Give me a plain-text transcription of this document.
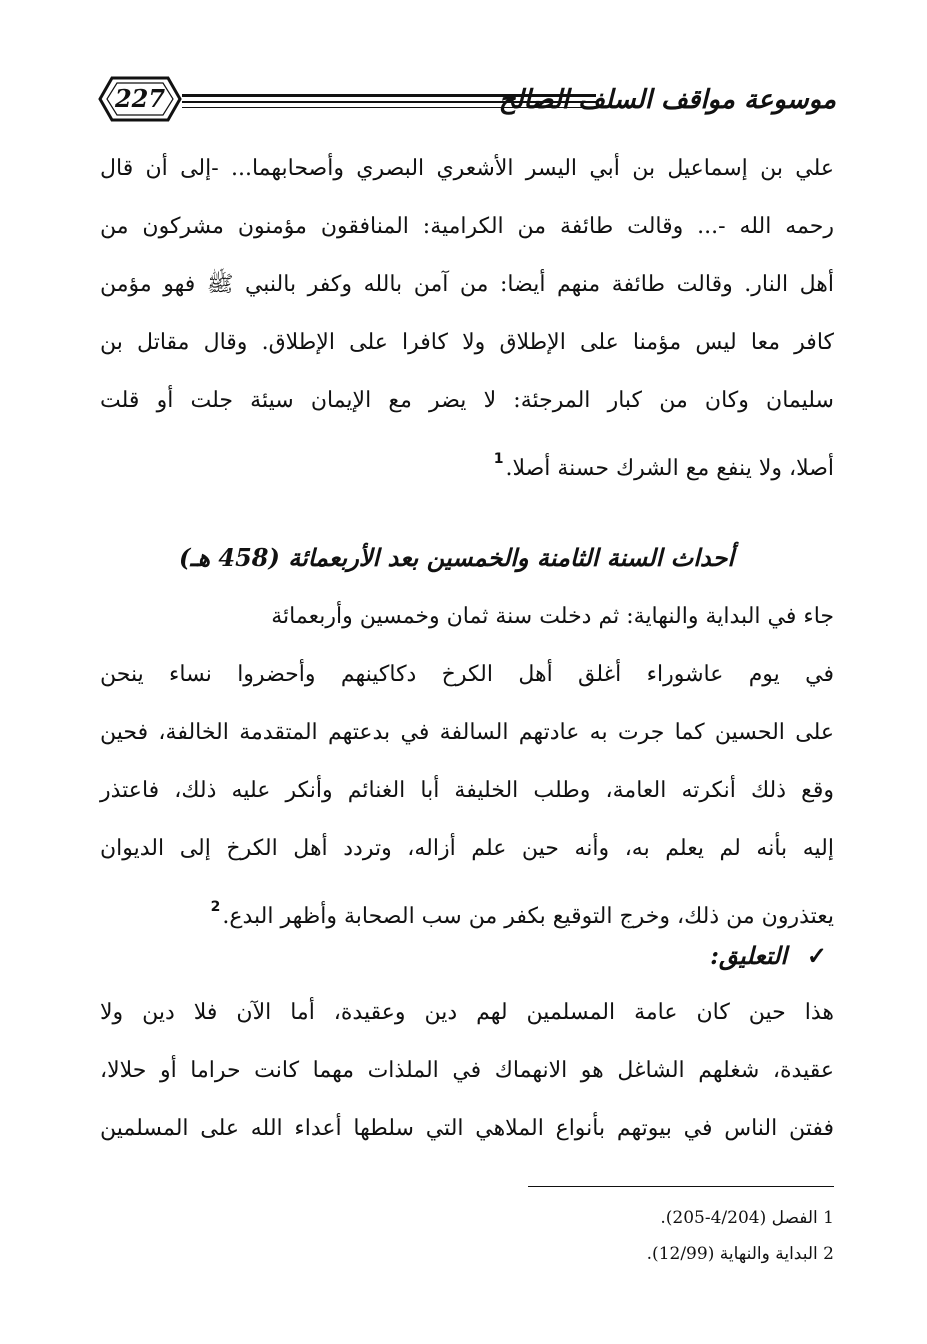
227	موسوعة مواقف السلف الصالح
علي بن إسماعيل بن أبي اليسر الأشعري البصري وأصحابهما... -إلى أن قال
رحمه الله -... وقالت طائفة من الكرامية: المنافقون مؤمنون مشركون من
أهل النار. وقالت طائفة منهم أيضا: من آمن بالله وكفر بالنبي ﷺ فهو مؤمن
كافر معا ليس مؤمنا على الإطلاق ولا كافرا على الإطلاق. وقال مقاتل بن
سليمان وكان من كبار المرجئة: لا يضر مع الإيمان سيئة جلت أو قلت
أصلا، ولا ينفع مع الشرك حسنة أصلا.$^1$
أحداث السنة الثامنة والخمسين بعد الأربعمائة (458 هـ)
جاء في البداية والنهاية: ثم دخلت سنة ثمان وخمسين وأربعمائة
في يوم عاشوراء أغلق أهل الكرخ دكاكينهم وأحضروا نساء ينحن
على الحسين كما جرت به عادتهم السالفة في بدعتهم المتقدمة الخالفة، فحين
وقع ذلك أنكرته العامة، وطلب الخليفة أبا الغنائم وأنكر عليه ذلك، فاعتذر
إليه بأنه لم يعلم به، وأنه حين علم أزاله، وتردد أهل الكرخ إلى الديوان
يعتذرون من ذلك، وخرج التوقيع بكفر من سب الصحابة وأظهر البدع.$^2$
✓التعليق:
هذا حين كان عامة المسلمين لهم دين وعقيدة، أما الآن فلا دين ولا
عقيدة، شغلهم الشاغل هو الانهماك في الملذات مهما كانت حراما أو حلالا،
ففتن الناس في بيوتهم بأنواع الملاهي التي سلطها أعداء الله على المسلمين
1 الفصل (4/204-205).
2 البداية والنهاية (12/99).
